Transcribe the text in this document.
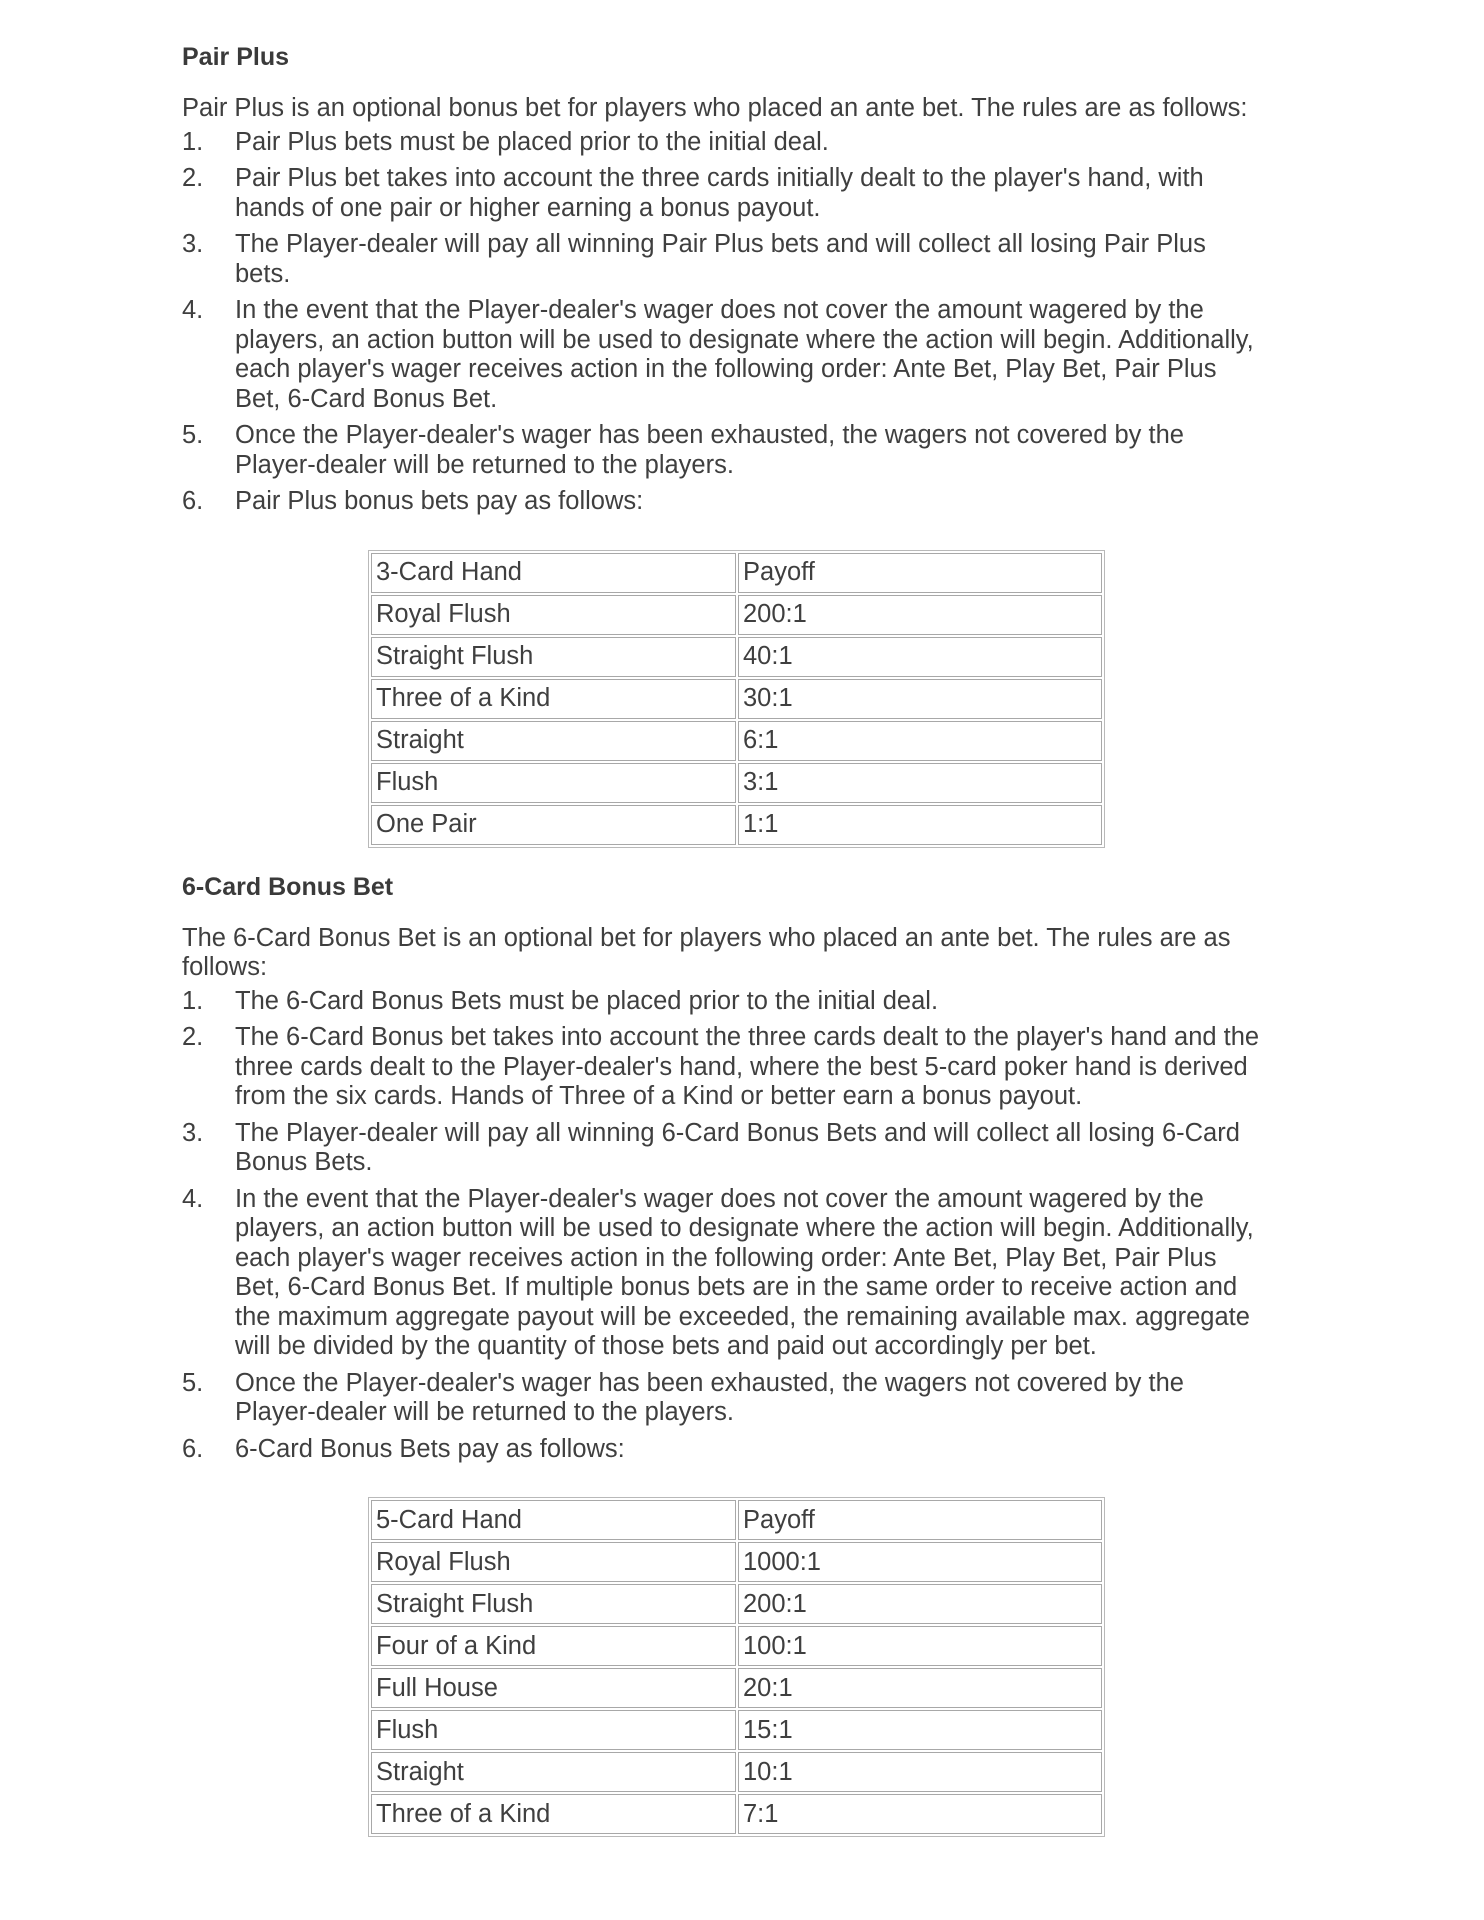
Pair Plus

Pair Plus is an optional bonus bet for players who placed an ante bet. The rules are as follows:

1. Pair Plus bets must be placed prior to the initial deal.
2. Pair Plus bet takes into account the three cards initially dealt to the player's hand, with hands of one pair or higher earning a bonus payout.
3. The Player-dealer will pay all winning Pair Plus bets and will collect all losing Pair Plus bets.
4. In the event that the Player-dealer's wager does not cover the amount wagered by the players, an action button will be used to designate where the action will begin. Additionally, each player's wager receives action in the following order: Ante Bet, Play Bet, Pair Plus Bet, 6-Card Bonus Bet.
5. Once the Player-dealer's wager has been exhausted, the wagers not covered by the Player-dealer will be returned to the players.
6. Pair Plus bonus bets pay as follows:
3-Card Hand	Payoff
Royal Flush	200:1
Straight Flush	40:1
Three of a Kind	30:1
Straight	6:1
Flush	3:1
One Pair	1:1
6-Card Bonus Bet

The 6-Card Bonus Bet is an optional bet for players who placed an ante bet. The rules are as follows:

1. The 6-Card Bonus Bets must be placed prior to the initial deal.
2. The 6-Card Bonus bet takes into account the three cards dealt to the player's hand and the three cards dealt to the Player-dealer's hand, where the best 5-card poker hand is derived from the six cards. Hands of Three of a Kind or better earn a bonus payout.
3. The Player-dealer will pay all winning 6-Card Bonus Bets and will collect all losing 6-Card Bonus Bets.
4. In the event that the Player-dealer's wager does not cover the amount wagered by the players, an action button will be used to designate where the action will begin. Additionally, each player's wager receives action in the following order: Ante Bet, Play Bet, Pair Plus Bet, 6-Card Bonus Bet. If multiple bonus bets are in the same order to receive action and the maximum aggregate payout will be exceeded, the remaining available max. aggregate will be divided by the quantity of those bets and paid out accordingly per bet.
5. Once the Player-dealer's wager has been exhausted, the wagers not covered by the Player-dealer will be returned to the players.
6. 6-Card Bonus Bets pay as follows:
5-Card Hand	Payoff
Royal Flush	1000:1
Straight Flush	200:1
Four of a Kind	100:1
Full House	20:1
Flush	15:1
Straight	10:1
Three of a Kind	7:1
